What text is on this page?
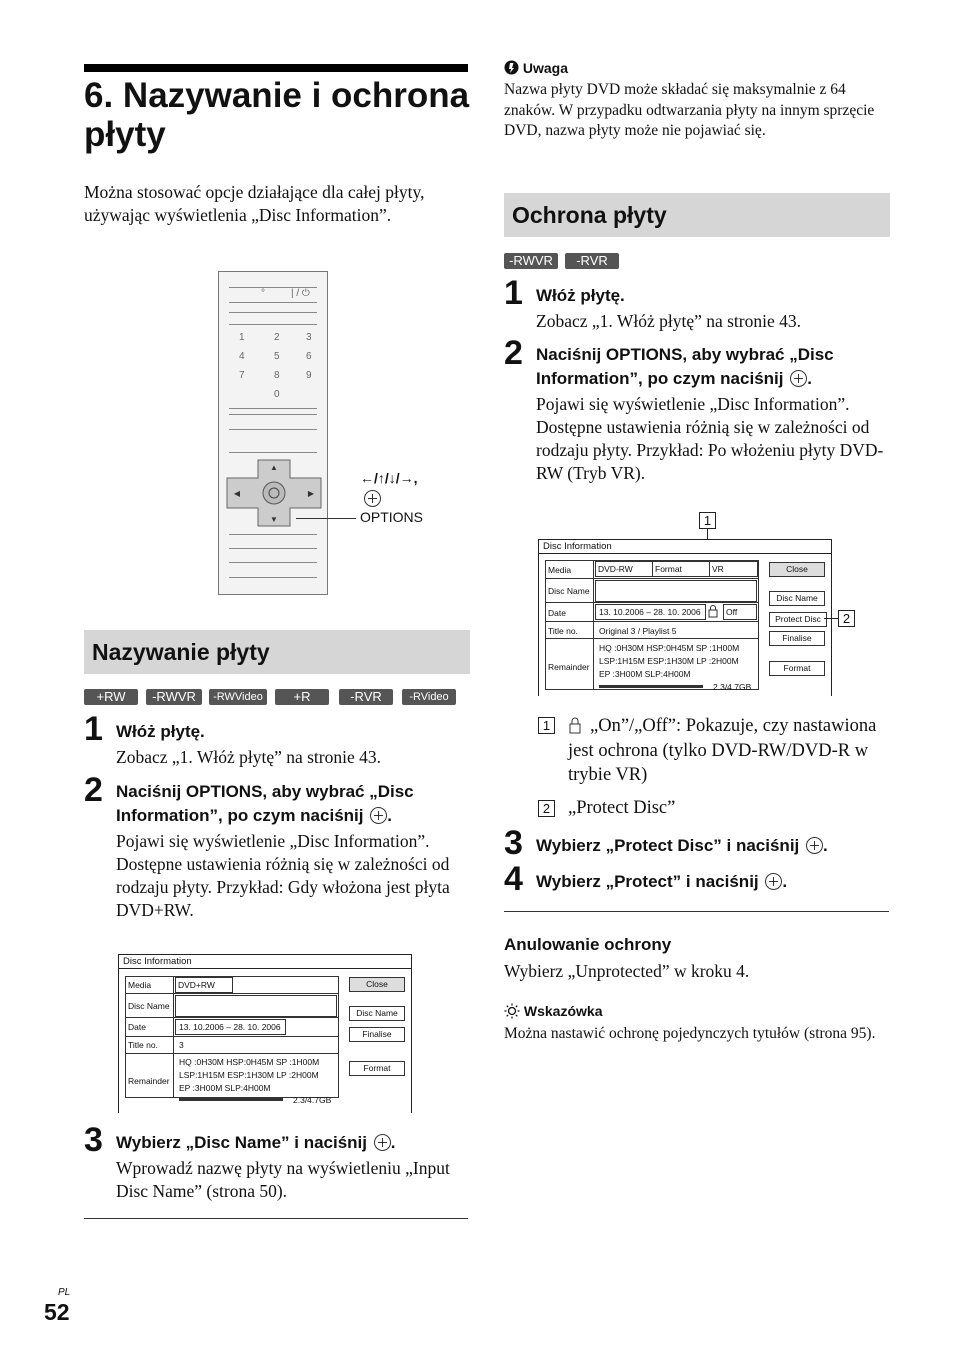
6. Nazywanie i ochrona płyty
Można stosować opcje działające dla całej płyty, używając wyświetlenia „Disc Information”.
°	| / ⏻
1	2	3
4	5	6
7	8	9
0
▲
▼
◀	▶
←/↑/↓/→,
OPTIONS
Nazywanie płyty
+RW	-RWVR	-RWVideo	+R	-RVR	-RVideo
1 Włóż płytę.
Zobacz „1. Włóż płytę” na stronie 43.
2 Naciśnij OPTIONS, aby wybrać „Disc Information”, po czym naciśnij .
Pojawi się wyświetlenie „Disc Information”. Dostępne ustawienia różnią się w zależności od rodzaju płyty. Przykład: Gdy włożona jest płyta DVD+RW.
Disc Information
Media	DVD+RW
Disc Name
Date	13. 10.2006 – 28. 10. 2006
Title no. 3
Remainder
HQ :0H30M HSP:0H45M SP :1H00M
LSP:1H15M ESP:1H30M LP :2H00M
EP :3H00M SLP:4H00M
2.3/4.7GB
Close
Disc Name
Finalise
Format
3 Wybierz „Disc Name” i naciśnij .
Wprowadź nazwę płyty na wyświetleniu „Input Disc Name” (strona 50).
PL
52
Uwaga
Nazwa płyty DVD może składać się maksymalnie z 64 znaków. W przypadku odtwarzania płyty na innym sprzęcie DVD, nazwa płyty może nie pojawiać się.
Ochrona płyty
-RWVR	-RVR
1 Włóż płytę.
Zobacz „1. Włóż płytę” na stronie 43.
2 Naciśnij OPTIONS, aby wybrać „Disc Information”, po czym naciśnij .
Pojawi się wyświetlenie „Disc Information”. Dostępne ustawienia różnią się w zależności od rodzaju płyty. Przykład: Po włożeniu płyty DVD-RW (Tryb VR).
1
Disc Information
Media	DVD-RW	Format	VR
Disc Name
Date	13. 10.2006 – 28. 10. 2006	Off
Title no. Original 3 / Playlist 5
Remainder
HQ :0H30M HSP:0H45M SP :1H00M
LSP:1H15M ESP:1H30M LP :2H00M
EP :3H00M SLP:4H00M
2.3/4.7GB
Close
Disc Name
Protect Disc
Finalise
Format
2
1	„On”/„Off”: Pokazuje, czy nastawiona jest ochrona (tylko DVD-RW/DVD-R w trybie VR)
2 „Protect Disc”
3 Wybierz „Protect Disc” i naciśnij .
4 Wybierz „Protect” i naciśnij .
Anulowanie ochrony
Wybierz „Unprotected” w kroku 4.
Wskazówka
Można nastawić ochronę pojedynczych tytułów (strona 95).
